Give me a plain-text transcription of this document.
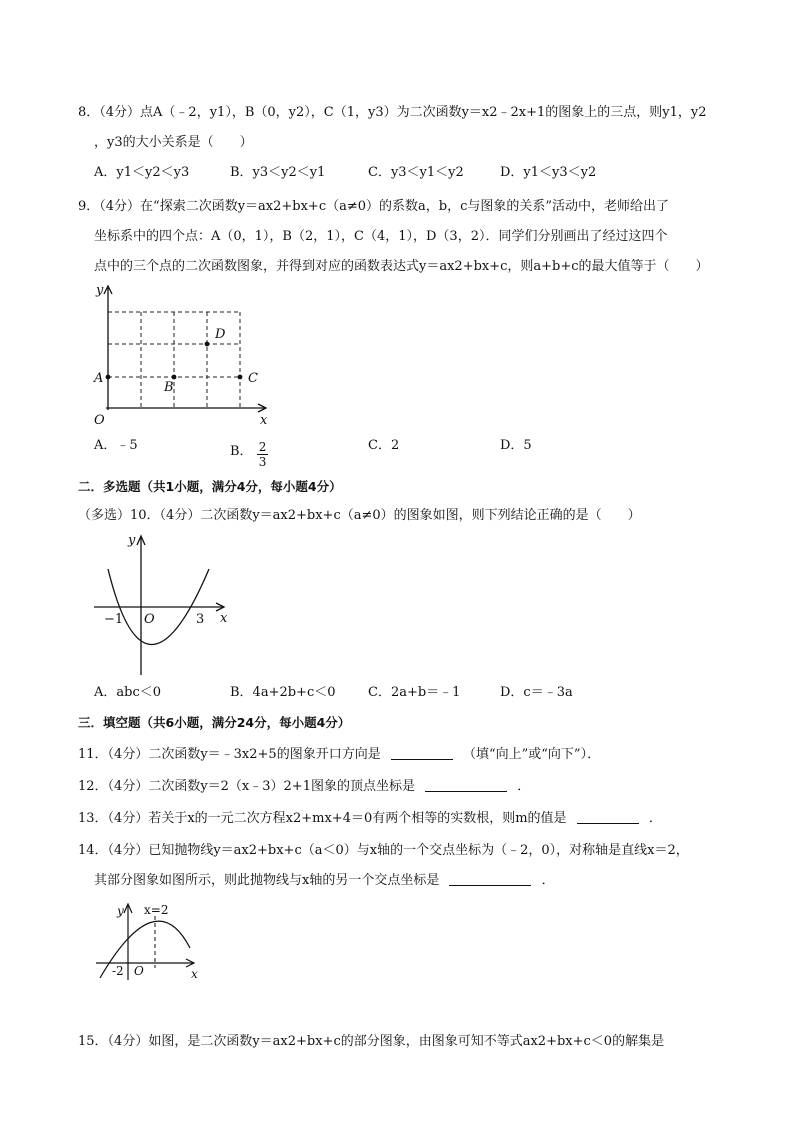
8．（4分）点A（﹣2，y1），B（0，y2），C（1，y3）为二次函数y＝x2﹣2x+1的图象上的三点，则y1，y2
，y3的大小关系是（　　）
A．y1＜y2＜y3	B．y3＜y2＜y1	C．y3＜y1＜y2	D．y1＜y3＜y2
9．（4分）在“探索二次函数y＝ax2+bx+c（a≠0）的系数a，b，c与图象的关系”活动中，老师给出了
坐标系中的四个点：A（0，1），B（2，1），C（4，1），D（3，2）．同学们分别画出了经过这四个
点中的三个点的二次函数图象，并得到对应的函数表达式y＝ax2+bx+c，则a+b+c的最大值等于（　　）
y
x
O
A
B
C
D
A．﹣5	B． $\frac{2}{3}$	C．2	D．5
二．多选题（共1小题，满分4分，每小题4分）
（多选）10．（4分）二次函数y＝ax2+bx+c（a≠0）的图象如图，则下列结论正确的是（　　）
y
x
O
−1	3
A．abc＜0	B．4a+2b+c＜0 C．2a+b＝﹣1	D．c＝﹣3a
三．填空题（共6小题，满分24分，每小题4分）
11．（4分）二次函数y＝﹣3x2+5的图象开口方向是	（填“向上”或“向下”）．
12．（4分）二次函数y＝2（x﹣3）2+1图象的顶点坐标是	．
13．（4分）若关于x的一元二次方程x2+mx+4＝0有两个相等的实数根，则m的值是	．
14．（4分）已知抛物线y＝ax2+bx+c（a＜0）与x轴的一个交点坐标为（﹣2，0），对称轴是直线x＝2，
其部分图象如图所示，则此抛物线与x轴的另一个交点坐标是	．
y
x
O
-2
x=2
15．（4分）如图，是二次函数y＝ax2+bx+c的部分图象，由图象可知不等式ax2+bx+c＜0的解集是
